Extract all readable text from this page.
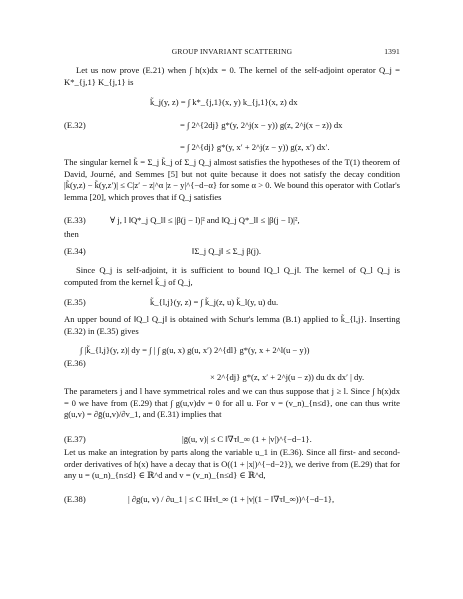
GROUP INVARIANT SCATTERING	1391
Let us now prove (E.21) when ∫ h(x)dx = 0. The kernel of the self-adjoint operator Q_j = K*_{j,1} K_{j,1} is
k̃_j(y, z) = ∫ k*_{j,1}(x, y) k_{j,1}(x, z) dx
(E.32)	= ∫ 2^{2dj} g*(y, 2^j(x − y)) g(z, 2^j(x − z)) dx
= ∫ 2^{dj} g*(y, x′ + 2^j(z − y)) g(z, x′) dx′.
The singular kernel k̃ = Σ_j k̃_j of Σ_j Q_j almost satisfies the hypotheses of the T(1) theorem of David, Journé, and Semmes [5] but not quite because it does not satisfy the decay condition |k̃(y,z) − k̃(y,z′)| ≤ C|z′ − z|^α |z − y|^{−d−α} for some α > 0. We bound this operator with Cotlar's lemma [20], which proves that if Q_j satisfies
(E.33)	∀ j, l ‖Q*_j Q_l‖ ≤ |β(j − l)|² and ‖Q_j Q*_l‖ ≤ |β(j − l)|²,
then
(E.34)	‖Σ_j Q_j‖ ≤ Σ_j β(j).
Since Q_j is self-adjoint, it is sufficient to bound ‖Q_l Q_j‖. The kernel of Q_l Q_j is computed from the kernel k̃_j of Q_j,
(E.35)	k̃_{l,j}(y, z) = ∫ k̃_j(z, u) k̃_l(y, u) du.
An upper bound of ‖Q_l Q_j‖ is obtained with Schur's lemma (B.1) applied to k̃_{l,j}. Inserting (E.32) in (E.35) gives
∫ |k̃_{l,j}(y, z)| dy = ∫ | ∫ g(u, x) g(u, x′) 2^{dl} g*(y, x + 2^l(u − y))
(E.36)
× 2^{dj} g*(z, x′ + 2^j(u − z)) du dx dx′ | dy.
The parameters j and l have symmetrical roles and we can thus suppose that j ≥ l. Since ∫ h(x)dx = 0 we have from (E.29) that ∫ g(u,v)dv = 0 for all u. For v = (v_n)_{n≤d}, one can thus write g(u,v) = ∂ḡ(u,v)/∂v_1, and (E.31) implies that
(E.37)	|ḡ(u, v)| ≤ C ‖∇τ‖_∞ (1 + |v|)^{−d−1}.
Let us make an integration by parts along the variable u_1 in (E.36). Since all first- and second-order derivatives of h(x) have a decay that is O((1 + |x|)^{−d−2}), we derive from (E.29) that for any u = (u_n)_{n≤d} ∈ ℝ^d and v = (v_n)_{n≤d} ∈ ℝ^d,
(E.38)	| ∂g(u, v) / ∂u_1 | ≤ C ‖Hτ‖_∞ (1 + |v|(1 − ‖∇τ‖_∞))^{−d−1},
